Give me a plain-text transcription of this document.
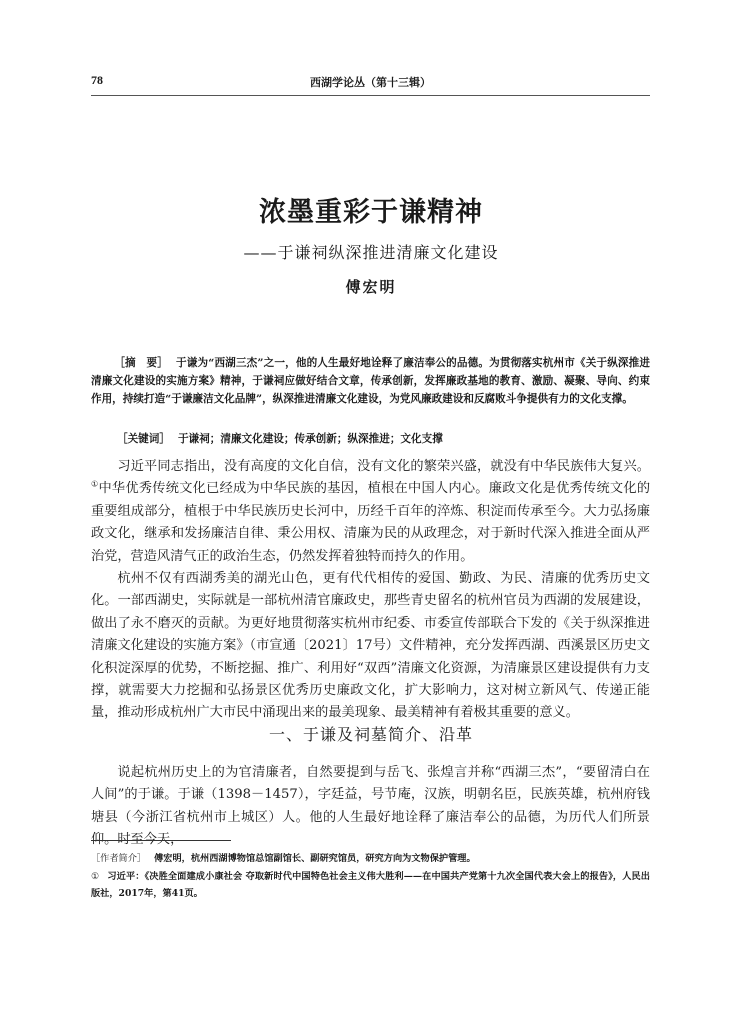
78	西湖学论丛（第十三辑）
浓墨重彩于谦精神
——于谦祠纵深推进清廉文化建设
傅宏明
［摘　要］ 于谦为“西湖三杰”之一，他的人生最好地诠释了廉洁奉公的品德。为贯彻落实杭州市《关于纵深推进清廉文化建设的实施方案》精神，于谦祠应做好结合文章，传承创新，发挥廉政基地的教育、激励、凝聚、导向、约束作用，持续打造“于谦廉洁文化品牌”，纵深推进清廉文化建设，为党风廉政建设和反腐败斗争提供有力的文化支撑。
［关键词］ 于谦祠；清廉文化建设；传承创新；纵深推进；文化支撑

习近平同志指出，没有高度的文化自信，没有文化的繁荣兴盛，就没有中华民族伟大复兴。①中华优秀传统文化已经成为中华民族的基因，植根在中国人内心。廉政文化是优秀传统文化的重要组成部分，植根于中华民族历史长河中，历经千百年的淬炼、积淀而传承至今。大力弘扬廉政文化，继承和发扬廉洁自律、秉公用权、清廉为民的从政理念，对于新时代深入推进全面从严治党，营造风清气正的政治生态，仍然发挥着独特而持久的作用。

杭州不仅有西湖秀美的湖光山色，更有代代相传的爱国、勤政、为民、清廉的优秀历史文化。一部西湖史，实际就是一部杭州清官廉政史，那些青史留名的杭州官员为西湖的发展建设，做出了永不磨灭的贡献。为更好地贯彻落实杭州市纪委、市委宣传部联合下发的《关于纵深推进清廉文化建设的实施方案》（市宣通〔2021〕17号）文件精神，充分发挥西湖、西溪景区历史文化积淀深厚的优势，不断挖掘、推广、利用好“双西”清廉文化资源，为清廉景区建设提供有力支撑，就需要大力挖掘和弘扬景区优秀历史廉政文化，扩大影响力，这对树立新风气、传递正能量，推动形成杭州广大市民中涌现出来的最美现象、最美精神有着极其重要的意义。

一、于谦及祠墓简介、沿革

说起杭州历史上的为官清廉者，自然要提到与岳飞、张煌言并称“西湖三杰”，“要留清白在人间”的于谦。于谦（1398－1457），字廷益，号节庵，汉族，明朝名臣，民族英雄，杭州府钱塘县（今浙江省杭州市上城区）人。他的人生最好地诠释了廉洁奉公的品德，为历代人们所景仰。时至今天，

［作者简介］ 傅宏明，杭州西湖博物馆总馆副馆长、副研究馆员，研究方向为文物保护管理。

① 习近平：《决胜全面建成小康社会 夺取新时代中国特色社会主义伟大胜利——在中国共产党第十九次全国代表大会上的报告》，人民出版社，2017年，第41页。
